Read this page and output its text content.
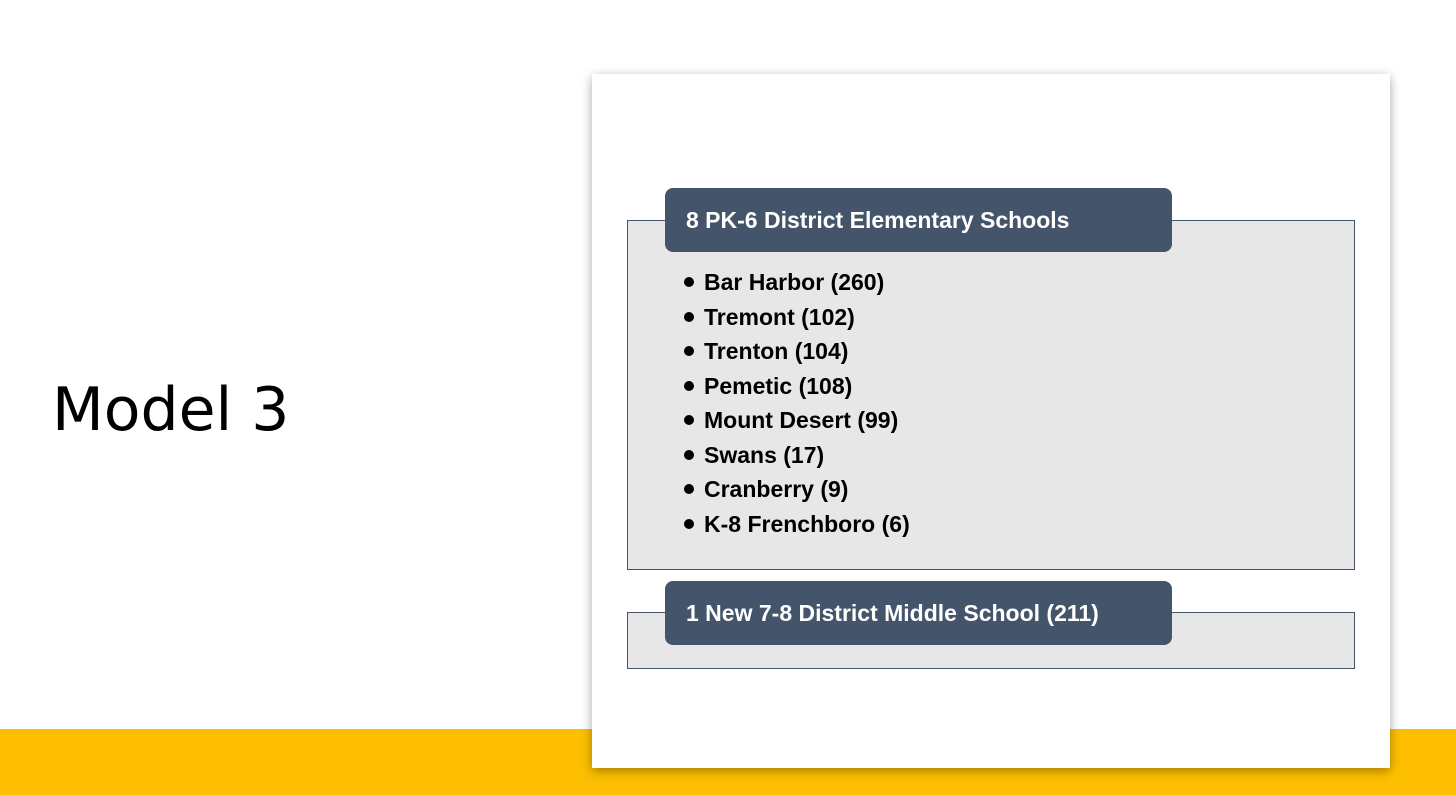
Model 3
8 PK-6 District Elementary Schools
Bar Harbor (260)
Tremont (102)
Trenton (104)
Pemetic (108)
Mount Desert (99)
Swans (17)
Cranberry (9)
K-8 Frenchboro (6)
1 New 7-8 District Middle School (211)
